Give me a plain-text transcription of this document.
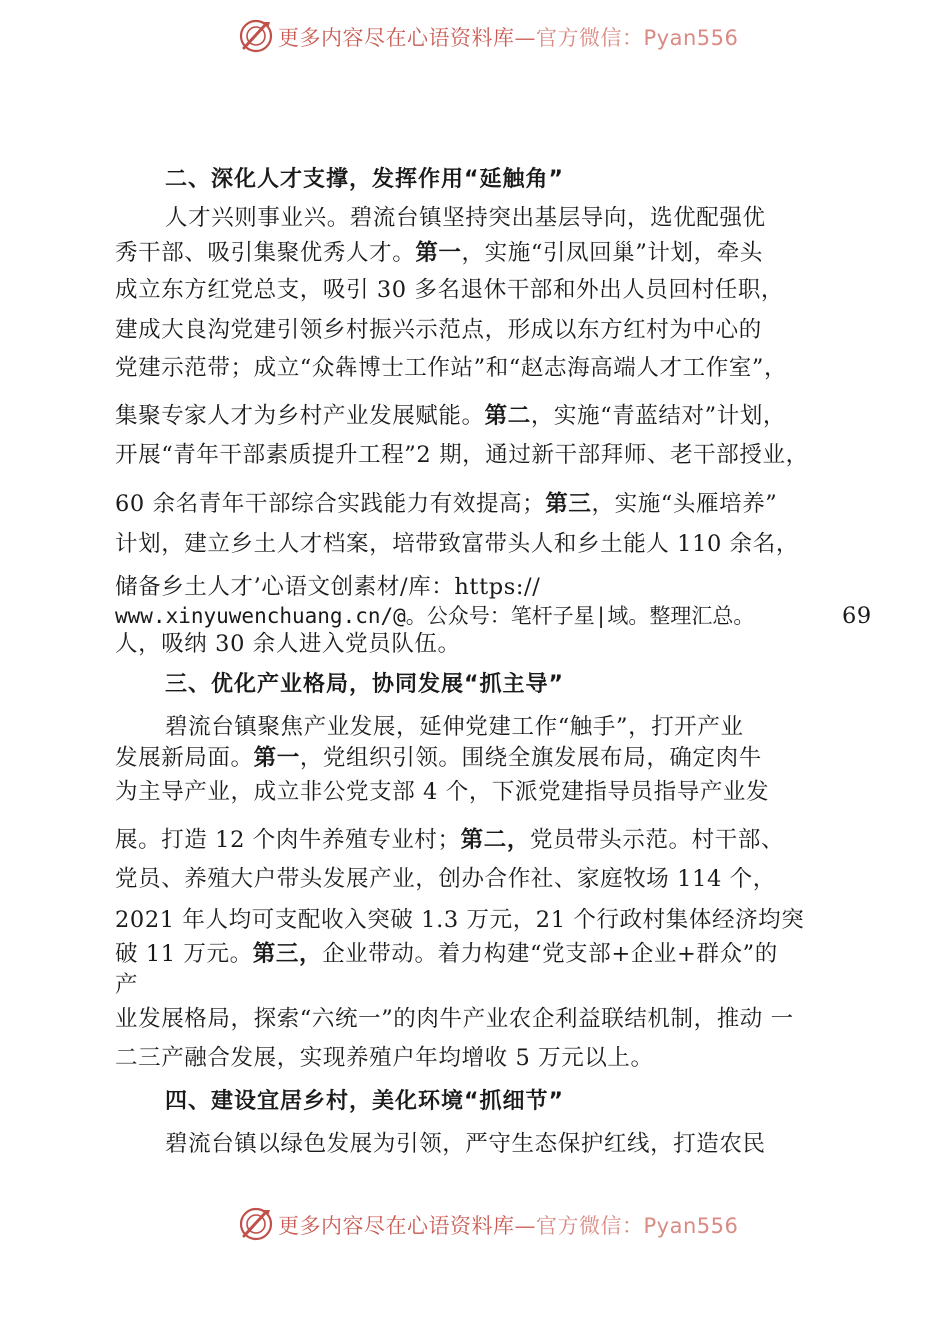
更多内容尽在心语资料库—官方微信：Pyan556
二、深化人才支撑，发挥作用“延触角”
人才兴则事业兴。碧流台镇坚持突出基层导向，选优配强优
秀干部、吸引集聚优秀人才。第一，实施“引凤回巢”计划，牵头
成立东方红党总支，吸引 30 多名退休干部和外出人员回村任职，
建成大良沟党建引领乡村振兴示范点，形成以东方红村为中心的
党建示范带；成立“众犇博士工作站”和“赵志海高端人才工作室”，
集聚专家人才为乡村产业发展赋能。第二，实施“青蓝结对”计划，
开展“青年干部素质提升工程”2 期，通过新干部拜师、老干部授业，
60 余名青年干部综合实践能力有效提高；第三，实施“头雁培养”
计划，建立乡土人才档案，培带致富带头人和乡土能人 110 余名，
储备乡土人才’心语文创素材/库：https://
www.xinyuwenchuang.cn/@。公众号：笔杆子星|域。整理汇总。	69
人，吸纳 30 余人进入党员队伍。
三、优化产业格局，协同发展“抓主导”
碧流台镇聚焦产业发展，延伸党建工作“触手”，打开产业
发展新局面。第一，党组织引领。围绕全旗发展布局，确定肉牛
为主导产业，成立非公党支部 4 个，下派党建指导员指导产业发
展。打造 12 个肉牛养殖专业村；第二，党员带头示范。村干部、
党员、养殖大户带头发展产业，创办合作社、家庭牧场 114 个，
2021 年人均可支配收入突破 1.3 万元，21 个行政村集体经济均突
破 11 万元。第三，企业带动。着力构建“党支部+企业+群众”的
产
业发展格局，探索“六统一”的肉牛产业农企利益联结机制，推动 一
二三产融合发展，实现养殖户年均增收 5 万元以上。
四、建设宜居乡村，美化环境“抓细节”
碧流台镇以绿色发展为引领，严守生态保护红线，打造农民
更多内容尽在心语资料库—官方微信：Pyan556
